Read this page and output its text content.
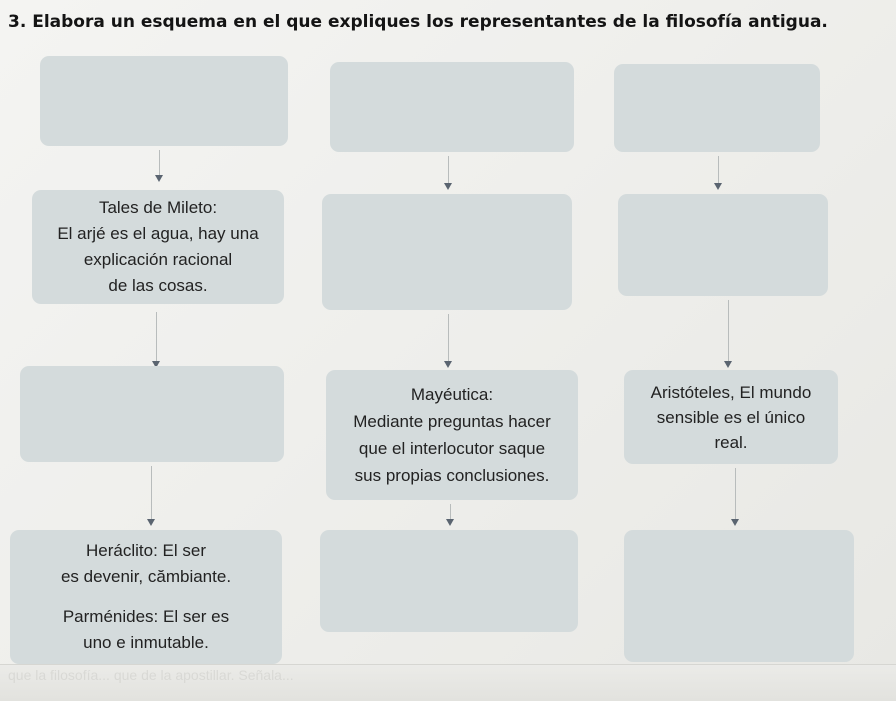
3. Elabora un esquema en el que expliques los representantes de la filosofía antigua.
Tales de Mileto:
El arjé es el agua, hay una
explicación racional
de las cosas.
Heráclito: El ser
es devenir, cămbiante.
Parménides: El ser es
uno e inmutable.
Mayéutica:
Mediante preguntas hacer
que el interlocutor saque
sus propias conclusiones.
Aristóteles, El mundo
sensible es el único
real.
que la filosofía... que de la apostillar. Señala...
